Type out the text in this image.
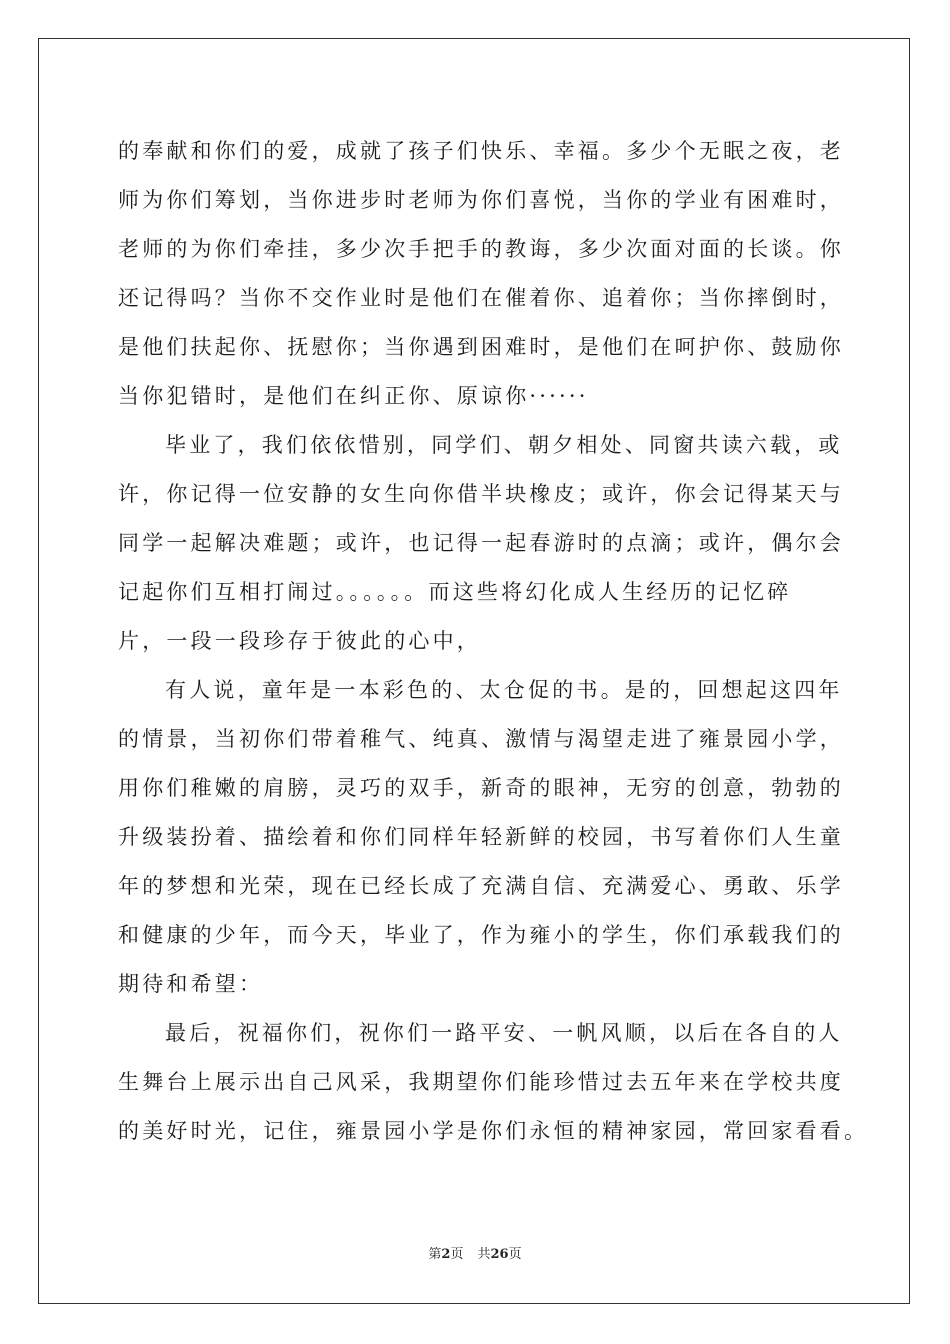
的奉献和你们的爱，成就了孩子们快乐、幸福。多少个无眠之夜，老
师为你们筹划，当你进步时老师为你们喜悦，当你的学业有困难时，
老师的为你们牵挂，多少次手把手的教诲，多少次面对面的长谈。你
还记得吗？当你不交作业时是他们在催着你、追着你；当你摔倒时，
是他们扶起你、抚慰你；当你遇到困难时，是他们在呵护你、鼓励你
当你犯错时，是他们在纠正你、原谅你······
毕业了，我们依依惜别，同学们、朝夕相处、同窗共读六载，或
许，你记得一位安静的女生向你借半块橡皮；或许，你会记得某天与
同学一起解决难题；或许，也记得一起春游时的点滴；或许，偶尔会
记起你们互相打闹过。。。。。。而这些将幻化成人生经历的记忆碎
片，一段一段珍存于彼此的心中，
有人说，童年是一本彩色的、太仓促的书。是的，回想起这四年
的情景，当初你们带着稚气、纯真、激情与渴望走进了雍景园小学，
用你们稚嫩的肩膀，灵巧的双手，新奇的眼神，无穷的创意，勃勃的
升级装扮着、描绘着和你们同样年轻新鲜的校园，书写着你们人生童
年的梦想和光荣，现在已经长成了充满自信、充满爱心、勇敢、乐学
和健康的少年，而今天，毕业了，作为雍小的学生，你们承载我们的
期待和希望：
最后，祝福你们，祝你们一路平安、一帆风顺，以后在各自的人
生舞台上展示出自己风采，我期望你们能珍惜过去五年来在学校共度
的美好时光，记住，雍景园小学是你们永恒的精神家园，常回家看看。
第2页 共26页
